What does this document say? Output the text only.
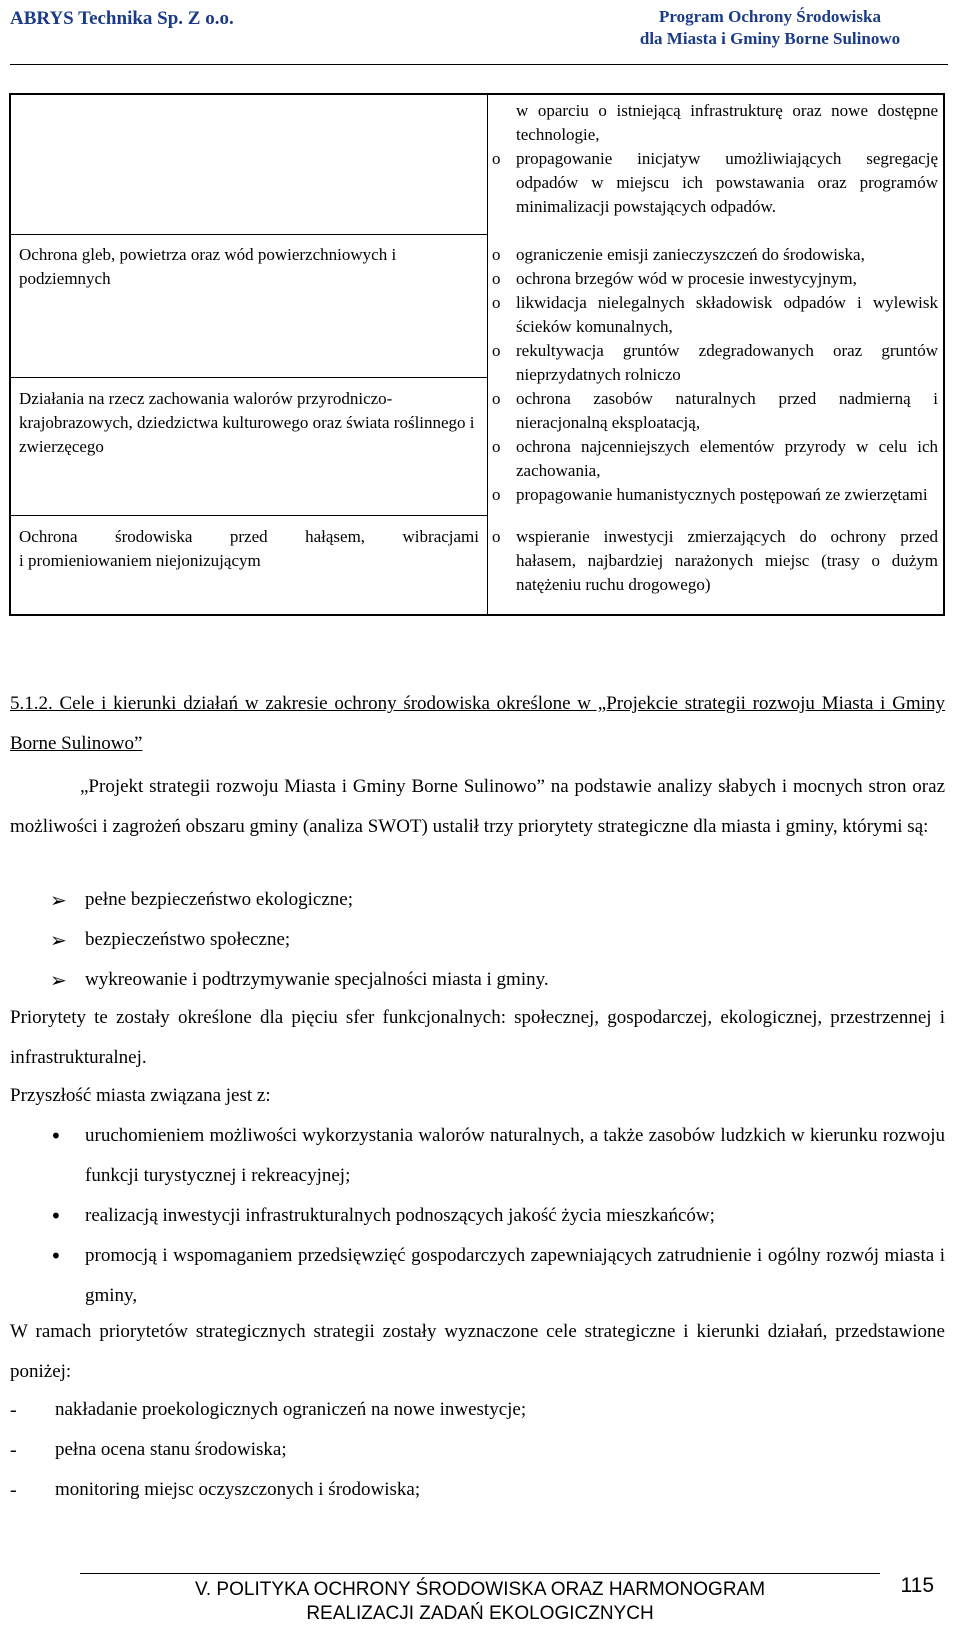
ABRYS Technika Sp. Z o.o.	Program Ochrony Środowiska
dla Miasta i Gminy Borne Sulinowo
w oparciu o istniejącą infrastrukturę oraz nowe dostępne technologie,
o propagowanie inicjatyw umożliwiających segregację odpadów w miejscu ich powstawania oraz programów minimalizacji powstających odpadów.
Ochrona gleb, powietrza oraz wód powierzchniowych i podziemnych
o ograniczenie emisji zanieczyszczeń do środowiska,
o ochrona brzegów wód w procesie inwestycyjnym,
o likwidacja nielegalnych składowisk odpadów i wylewisk ścieków komunalnych,
o rekultywacja gruntów zdegradowanych oraz gruntów nieprzydatnych rolniczo
Działania na rzecz zachowania walorów przyrodniczo-krajobrazowych, dziedzictwa kulturowego oraz świata roślinnego i zwierzęcego
o ochrona zasobów naturalnych przed nadmierną i nieracjonalną eksploatacją,
o ochrona najcenniejszych elementów przyrody w celu ich zachowania,
o propagowanie humanistycznych postępowań ze zwierzętami
Ochrona środowiska przed hałąsem, wibracjami
i promieniowaniem niejonizującym
o wspieranie inwestycji zmierzających do ochrony przed hałasem, najbardziej narażonych miejsc (trasy o dużym natężeniu ruchu drogowego)
5.1.2. Cele i kierunki działań w zakresie ochrony środowiska określone w „Projekcie strategii rozwoju Miasta i Gminy Borne Sulinowo”
„Projekt strategii rozwoju Miasta i Gminy Borne Sulinowo” na podstawie analizy słabych i mocnych stron oraz możliwości i zagrożeń obszaru gminy (analiza SWOT) ustalił trzy priorytety strategiczne dla miasta i gminy, którymi są:
➢ pełne bezpieczeństwo ekologiczne;
➢ bezpieczeństwo społeczne;
➢ wykreowanie i podtrzymywanie specjalności miasta i gminy.
Priorytety te zostały określone dla pięciu sfer funkcjonalnych: społecznej, gospodarczej, ekologicznej, przestrzennej i infrastrukturalnej.
Przyszłość miasta związana jest z:
• uruchomieniem możliwości wykorzystania walorów naturalnych, a także zasobów ludzkich w kierunku rozwoju funkcji turystycznej i rekreacyjnej;
• realizacją inwestycji infrastrukturalnych podnoszących jakość życia mieszkańców;
• promocją i wspomaganiem przedsięwzięć gospodarczych zapewniających zatrudnienie i ogólny rozwój miasta i gminy,
W ramach priorytetów strategicznych strategii zostały wyznaczone cele strategiczne i kierunki działań, przedstawione poniżej:
- nakładanie proekologicznych ograniczeń na nowe inwestycje;
- pełna ocena stanu środowiska;
- monitoring miejsc oczyszczonych i środowiska;
V. POLITYKA OCHRONY ŚRODOWISKA ORAZ HARMONOGRAM
REALIZACJI ZADAŃ EKOLOGICZNYCH
115
